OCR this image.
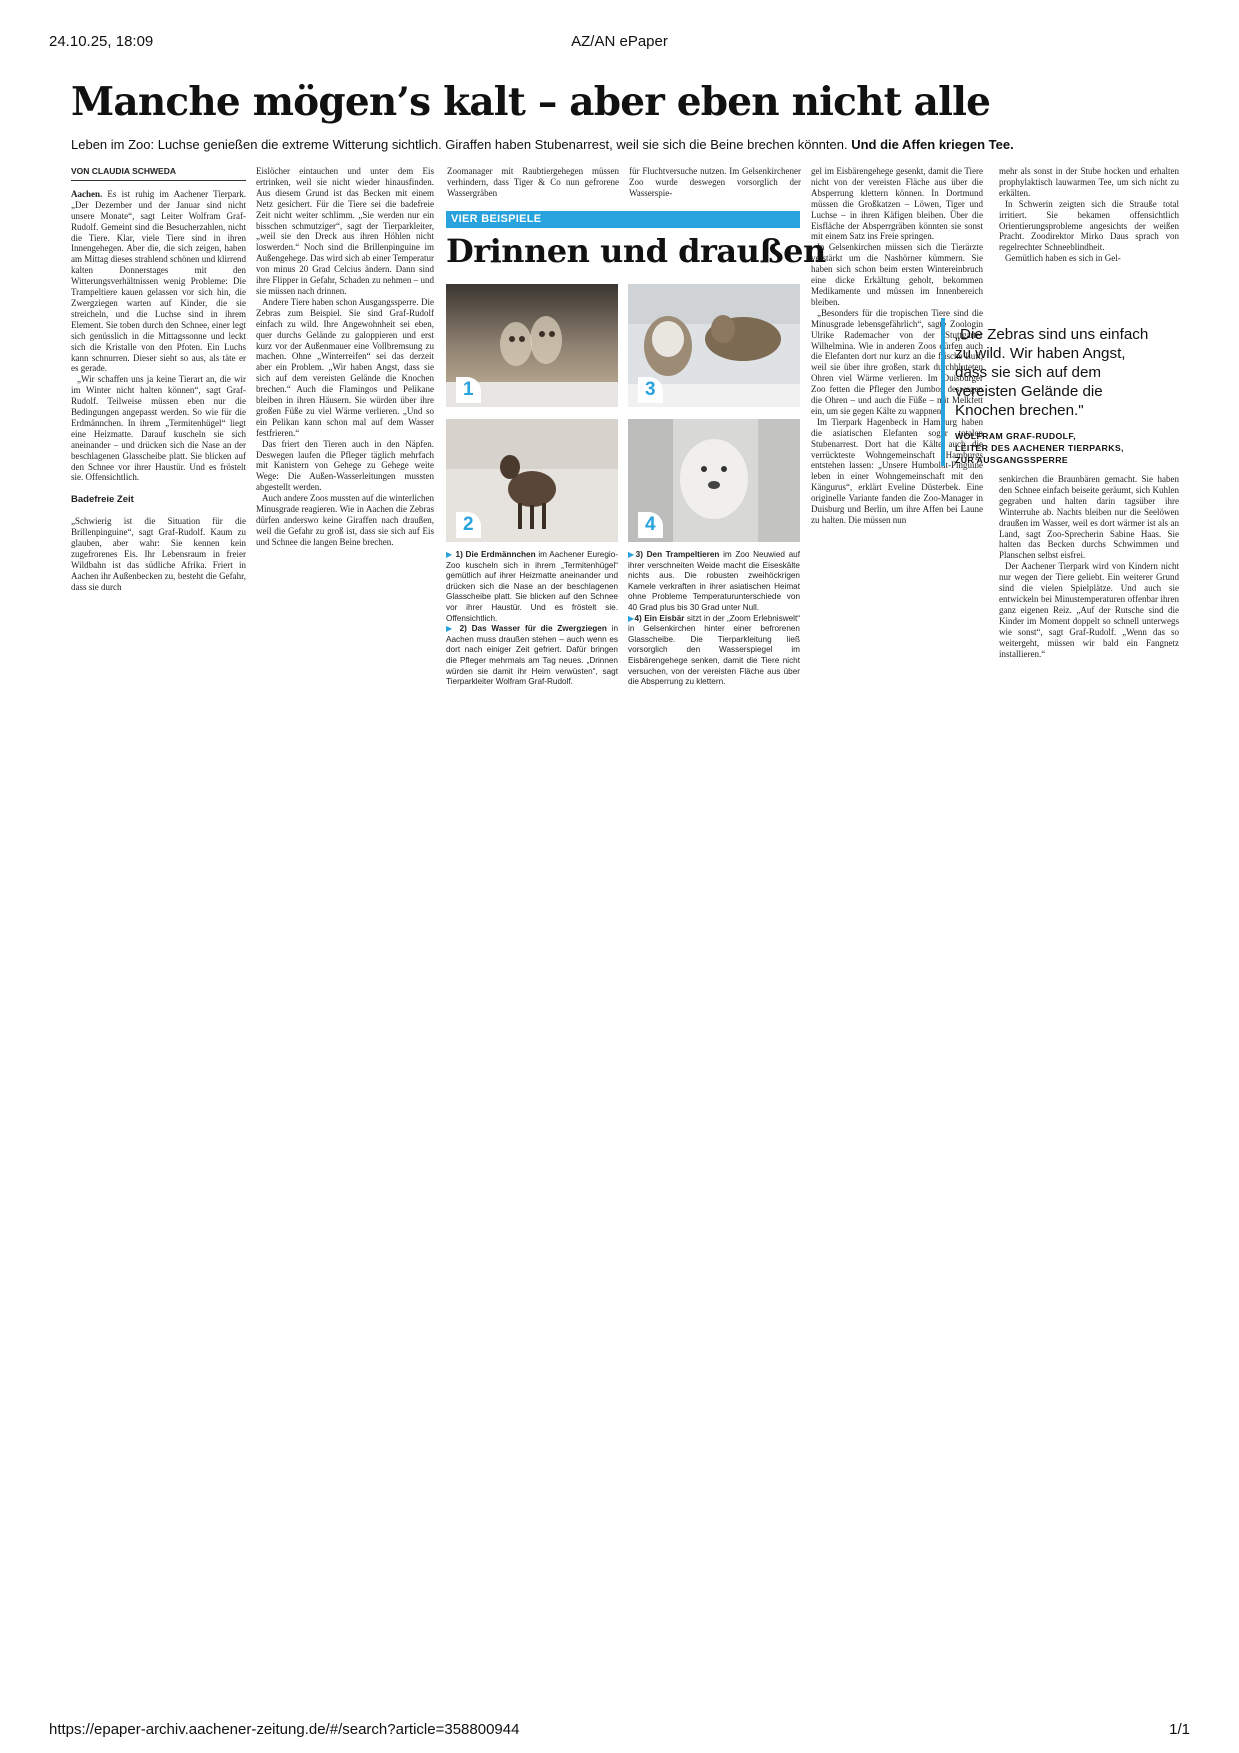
24.10.25, 18:09	AZ/AN ePaper
Manche mögen’s kalt – aber eben nicht alle
Leben im Zoo: Luchse genießen die extreme Witterung sichtlich. Giraffen haben Stubenarrest, weil sie sich die Beine brechen könnten. Und die Affen kriegen Tee.
VON CLAUDIA SCHWEDA

Aachen. Es ist ruhig im Aachener Tierpark. „Der Dezember und der Januar sind nicht unsere Monate“, sagt Leiter Wolfram Graf-Rudolf. Gemeint sind die Besucherzahlen, nicht die Tiere. Klar, viele Tiere sind in ihren Innengehegen. Aber die, die sich zeigen, haben am Mittag dieses strahlend schönen und klirrend kalten Donnerstages mit den Witterungsverhältnissen wenig Probleme: Die Trampeltiere kauen gelassen vor sich hin, die Zwergziegen warten auf Kinder, die sie streicheln, und die Luchse sind in ihrem Element. Sie toben durch den Schnee, einer legt sich genüsslich in die Mittagssonne und leckt sich die Kristalle von den Pfoten. Ein Luchs kann schnurren. Dieser sieht so aus, als täte er es gerade.

„Wir schaffen uns ja keine Tierart an, die wir im Winter nicht halten können“, sagt Graf-Rudolf. Teilweise müssen eben nur die Bedingungen angepasst werden. So wie für die Erdmännchen. In ihrem „Termitenhügel“ liegt eine Heizmatte. Darauf kuscheln sie sich aneinander – und drücken sich die Nase an der beschlagenen Glasscheibe platt. Sie blicken auf den Schnee vor ihrer Haustür. Und es fröstelt sie. Offensichtlich.

Badefreie Zeit

„Schwierig ist die Situation für die Brillenpinguine“, sagt Graf-Rudolf. Kaum zu glauben, aber wahr: Sie kennen kein zugefrorenes Eis. Ihr Lebensraum in freier Wildbahn ist das südliche Afrika. Friert in Aachen ihr Außenbecken zu, besteht die Gefahr, dass sie durch

Eislöcher eintauchen und unter dem Eis ertrinken, weil sie nicht wieder hinausfinden. Aus diesem Grund ist das Becken mit einem Netz gesichert. Für die Tiere sei die badefreie Zeit nicht weiter schlimm. „Sie werden nur ein bisschen schmutziger“, sagt der Tierparkleiter, „weil sie den Dreck aus ihren Höhlen nicht loswerden.“ Noch sind die Brillenpinguine im Außengehege. Das wird sich ab einer Temperatur von minus 20 Grad Celcius ändern. Dann sind ihre Flipper in Gefahr, Schaden zu nehmen – und sie müssen nach drinnen.

Andere Tiere haben schon Ausgangssperre. Die Zebras zum Beispiel. Sie sind Graf-Rudolf einfach zu wild. Ihre Angewohnheit sei eben, quer durchs Gelände zu galoppieren und erst kurz vor der Außenmauer eine Vollbremsung zu machen. Ohne „Winterreifen“ sei das derzeit aber ein Problem. „Wir haben Angst, dass sie sich auf dem vereisten Gelände die Knochen brechen.“ Auch die Flamingos und Pelikane bleiben in ihren Häusern. Sie würden über ihre großen Füße zu viel Wärme verlieren. „Und so ein Pelikan kann schon mal auf dem Wasser festfrieren.“

Das friert den Tieren auch in den Näpfen. Deswegen laufen die Pfleger täglich mehrfach mit Kanistern von Gehege zu Gehege weite Wege: Die Außen-Wasserleitungen mussten abgestellt werden.

Auch andere Zoos mussten auf die winterlichen Minusgrade reagieren. Wie in Aachen die Zebras dürfen anderswo keine Giraffen nach draußen, weil die Gefahr zu groß ist, dass sie sich auf Eis und Schnee die langen Beine brechen.

Zoomanager mit Raubtiergehegen müssen verhindern, dass Tiger & Co nun gefrorene Wassergräben

für Fluchtversuche nutzen. Im Gelsenkirchener Zoo wurde deswegen vorsorglich der Wasserspie-

gel im Eisbärengehege gesenkt, damit die Tiere nicht von der vereisten Fläche aus über die Absperrung klettern können. In Dortmund müssen die Großkatzen – Löwen, Tiger und Luchse – in ihren Käfigen bleiben. Über die Eisfläche der Absperrgräben könnten sie sonst mit einem Satz ins Freie springen.

In Gelsenkirchen müssen sich die Tierärzte verstärkt um die Nashörner kümmern. Sie haben sich schon beim ersten Wintereinbruch eine dicke Erkältung geholt, bekommen Medikamente und müssen im Innenbereich bleiben.

„Besonders für die tropischen Tiere sind die Minusgrade lebensgefährlich“, sagte Zoologin Ulrike Rademacher von der Stuttgarter Wilhelmina. Wie in anderen Zoos dürfen auch die Elefanten dort nur kurz an die frische Luft, weil sie über ihre großen, stark durchbluteten Ohren viel Wärme verlieren. Im Duisburger Zoo fetten die Pfleger den Jumbos deswegen die Ohren – und auch die Füße – mit Melkfett ein, um sie gegen Kälte zu wappnen.

Im Tierpark Hagenbeck in Hamburg haben die asiatischen Elefanten sogar totalen Stubenarrest. Dort hat die Kälte auch die verrückteste Wohngemeinschaft Hamburgs entstehen lassen: „Unsere Humboldt-Pinguine leben in einer Wohngemeinschaft mit den Kängurus“, erklärt Eveline Düsterbek. Eine originelle Variante fanden die Zoo-Manager in Duisburg und Berlin, um ihre Affen bei Laune zu halten. Die müssen nun

mehr als sonst in der Stube hocken und erhalten prophylaktisch lauwarmen Tee, um sich nicht zu erkälten.

In Schwerin zeigten sich die Strauße total irritiert. Sie bekamen offensichtlich Orientierungsprobleme angesichts der weißen Pracht. Zoodirektor Mirko Daus sprach von regelrechter Schneeblindheit.

Gemütlich haben es sich in Gel-

senkirchen die Braunbären gemacht. Sie haben den Schnee einfach beiseite geräumt, sich Kuhlen gegraben und halten darin tagsüber ihre Winterruhe ab. Nachts bleiben nur die Seelöwen draußen im Wasser, weil es dort wärmer ist als an Land, sagt Zoo-Sprecherin Sabine Haas. Sie halten das Becken durchs Schwimmen und Planschen selbst eisfrei.

Der Aachener Tierpark wird von Kindern nicht nur wegen der Tiere geliebt. Ein weiterer Grund sind die vielen Spielplätze. Und auch sie entwickeln bei Minustemperaturen offenbar ihren ganz eigenen Reiz. „Auf der Rutsche sind die Kinder im Moment doppelt so schnell unterwegs wie sonst“, sagt Graf-Rudolf. „Wenn das so weitergeht, müssen wir bald ein Fangnetz installieren.“

„Die Zebras sind uns einfach zu wild. Wir haben Angst, dass sie sich auf dem vereisten Gelände die Knochen brechen."
WOLFRAM GRAF-RUDOLF,
LEITER DES AACHENER TIERPARKS,
ZUR AUSGANGSSPERRE
VIER BEISPIELE
Drinnen und draußen
1	3
2	4
▶ 1) Die Erdmännchen im Aachener Euregio-Zoo kuscheln sich in ihrem „Termitenhügel“ gemütlich auf ihrer Heizmatte aneinander und drücken sich die Nase an der beschlagenen Glasscheibe platt. Sie blicken auf den Schnee vor ihrer Haustür. Und es fröstelt sie. Offensichtlich.
▶ 2) Das Wasser für die Zwergziegen in Aachen muss draußen stehen – auch wenn es dort nach einiger Zeit gefriert. Dafür bringen die Pfleger mehrmals am Tag neues. „Drinnen würden sie damit ihr Heim verwüsten“, sagt Tierparkleiter Wolfram Graf-Rudolf.
▶3) Den Trampeltieren im Zoo Neuwied auf ihrer verschneiten Weide macht die Eiseskälte nichts aus. Die robusten zweihöckrigen Kamele verkraften in ihrer asiatischen Heimat ohne Probleme Temperaturunterschiede von 40 Grad plus bis 30 Grad unter Null.
▶4) Ein Eisbär sitzt in der „Zoom Erlebniswelt“ in Gelsenkirchen hinter einer befrorenen Glasscheibe. Die Tierparkleitung ließ vorsorglich den Wasserspiegel im Eisbärengehege senken, damit die Tiere nicht versuchen, von der vereisten Fläche aus über die Absperrung zu klettern.
https://epaper-archiv.aachener-zeitung.de/#/search?article=358800944	1/1
